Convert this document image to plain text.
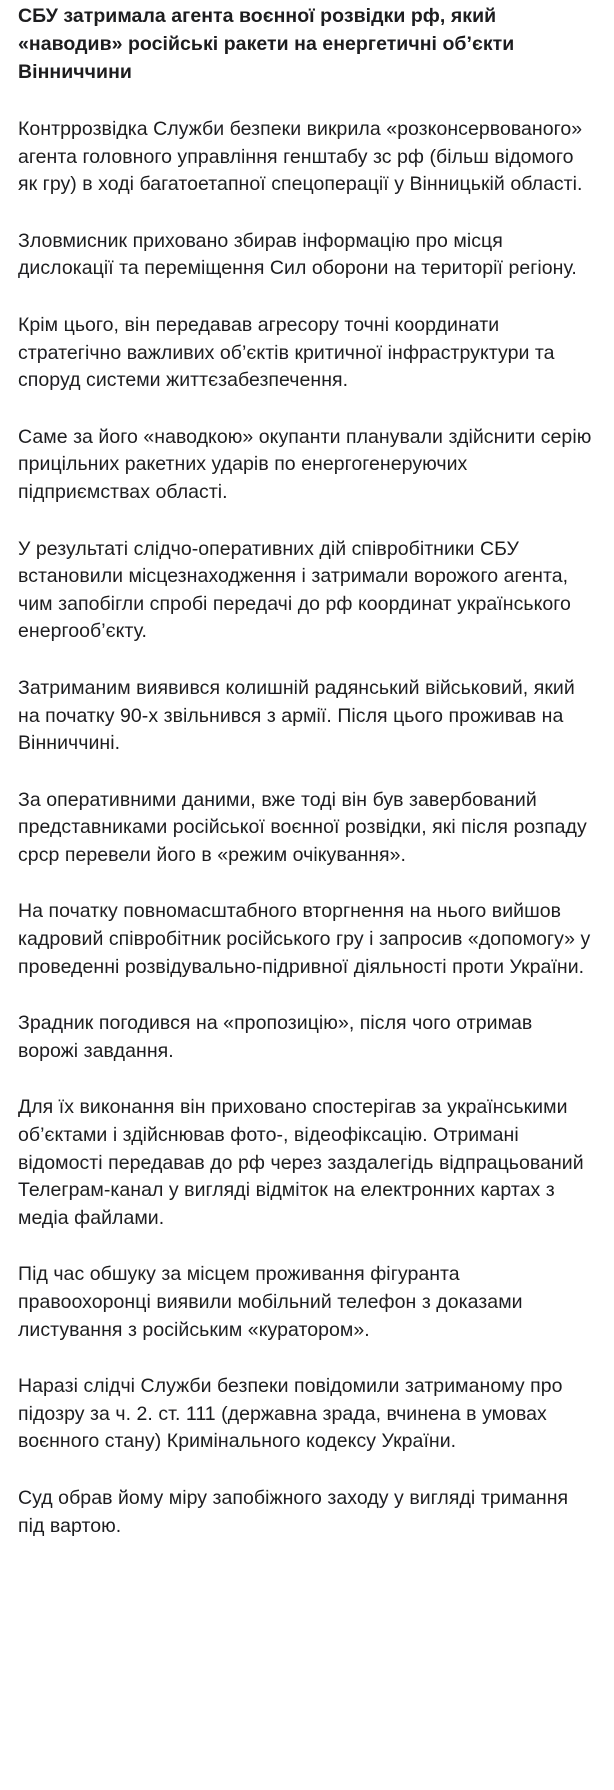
СБУ затримала агента воєнної розвідки рф, який «наводив» російські ракети на енергетичні об’єкти Вінниччини

Контррозвідка Служби безпеки викрила «розконсервованого» агента головного управління генштабу зс рф (більш відомого як гру) в ході багатоетапної спецоперації у Вінницькій області.

Зловмисник приховано збирав інформацію про місця дислокації та переміщення Сил оборони на території регіону.

Крім цього, він передавав агресору точні координати стратегічно важливих об’єктів критичної інфраструктури та споруд системи життєзабезпечення.

Саме за його «наводкою» окупанти планували здійснити серію прицільних ракетних ударів по енергогенеруючих підприємствах області.

У результаті слідчо-оперативних дій співробітники СБУ встановили місцезнаходження і затримали ворожого агента, чим запобігли спробі передачі до рф координат українського енергооб’єкту.

Затриманим виявився колишній радянський військовий, який на початку 90-х звільнився з армії. Після цього проживав на Вінниччині.

За оперативними даними, вже тоді він був завербований представниками російської воєнної розвідки, які після розпаду срср перевели його в «режим очікування».

На початку повномасштабного вторгнення на нього вийшов кадровий співробітник російського гру і запросив «допомогу» у проведенні розвідувально-підривної діяльності проти України.

Зрадник погодився на «пропозицію», після чого отримав ворожі завдання.

Для їх виконання він приховано спостерігав за українськими об’єктами і здійснював фото-, відеофіксацію. Отримані відомості передавав до рф через заздалегідь відпрацьований Телеграм-канал у вигляді відміток на електронних картах з медіа файлами.

Під час обшуку за місцем проживання фігуранта правоохоронці виявили мобільний телефон з доказами листування з російським «куратором».

Наразі слідчі Служби безпеки повідомили затриманому про підозру за ч. 2. ст. 111 (державна зрада, вчинена в умовах воєнного стану) Кримінального кодексу України.

Суд обрав йому міру запобіжного заходу у вигляді тримання під вартою.
